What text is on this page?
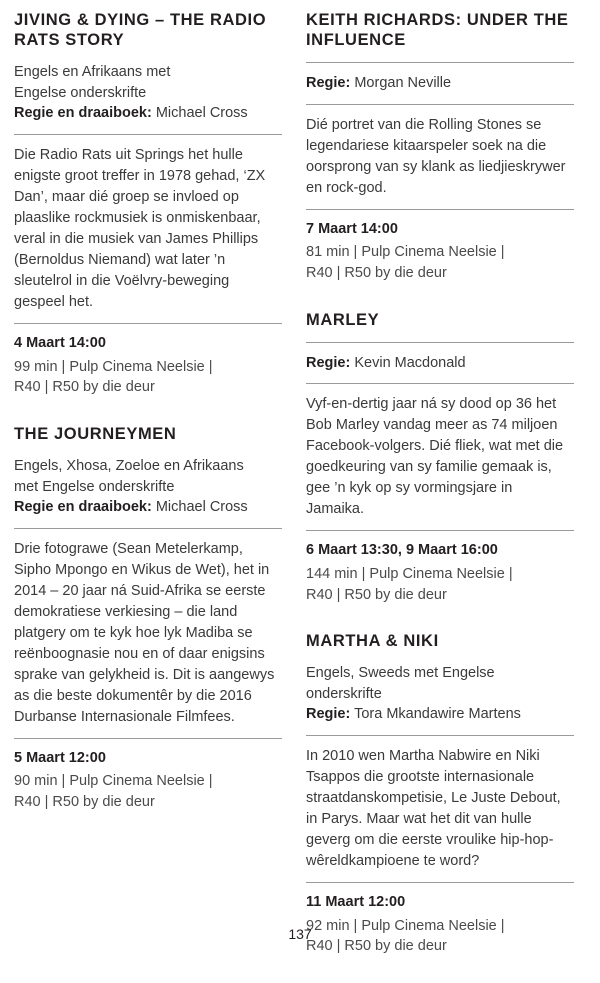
JIVING & DYING – THE RADIO RATS STORY
Engels en Afrikaans met
Engelse onderskrifte
Regie en draaiboek: Michael Cross

Die Radio Rats uit Springs het hulle enigste groot treffer in 1978 gehad, ‘ZX Dan’, maar dié groep se invloed op plaaslike rockmusiek is onmiskenbaar, veral in die musiek van James Phillips (Bernoldus Niemand) wat later ’n sleutelrol in die Voëlvry-beweging gespeel het.

4 Maart 14:00

99 min | Pulp Cinema Neelsie |
R40 | R50 by die deur

THE JOURNEYMEN
Engels, Xhosa, Zoeloe en Afrikaans
met Engelse onderskrifte
Regie en draaiboek: Michael Cross

Drie fotograwe (Sean Metelerkamp, Sipho Mpongo en Wikus de Wet), het in 2014 – 20 jaar ná Suid-Afrika se eerste demokratiese verkiesing – die land platgery om te kyk hoe lyk Madiba se reënboognasie nou en of daar enigsins sprake van gelykheid is. Dit is aangewys as die beste dokumentêr by die 2016 Durbanse Internasionale Filmfees.

5 Maart 12:00

90 min | Pulp Cinema Neelsie |
R40 | R50 by die deur

KEITH RICHARDS: UNDER THE INFLUENCE
Regie: Morgan Neville

Dié portret van die Rolling Stones se legendariese kitaarspeler soek na die oorsprong van sy klank as liedjieskrywer en rock-god.

7 Maart 14:00

81 min | Pulp Cinema Neelsie |
R40 | R50 by die deur

MARLEY
Regie: Kevin Macdonald

Vyf-en-dertig jaar ná sy dood op 36 het Bob Marley vandag meer as 74 miljoen Facebook-volgers. Dié fliek, wat met die goedkeuring van sy familie gemaak is, gee ’n kyk op sy vormingsjare in Jamaika.

6 Maart 13:30, 9 Maart 16:00

144 min | Pulp Cinema Neelsie |
R40 | R50 by die deur

MARTHA & NIKI
Engels, Sweeds met Engelse onderskrifte
Regie: Tora Mkandawire Martens

In 2010 wen Martha Nabwire en Niki Tsappos die grootste internasionale straatdanskompetisie, Le Juste Debout, in Parys. Maar wat het dit van hulle geverg om die eerste vroulike hip-hop-wêreldkampioene te word?

11 Maart 12:00

92 min | Pulp Cinema Neelsie |
R40 | R50 by die deur

137
